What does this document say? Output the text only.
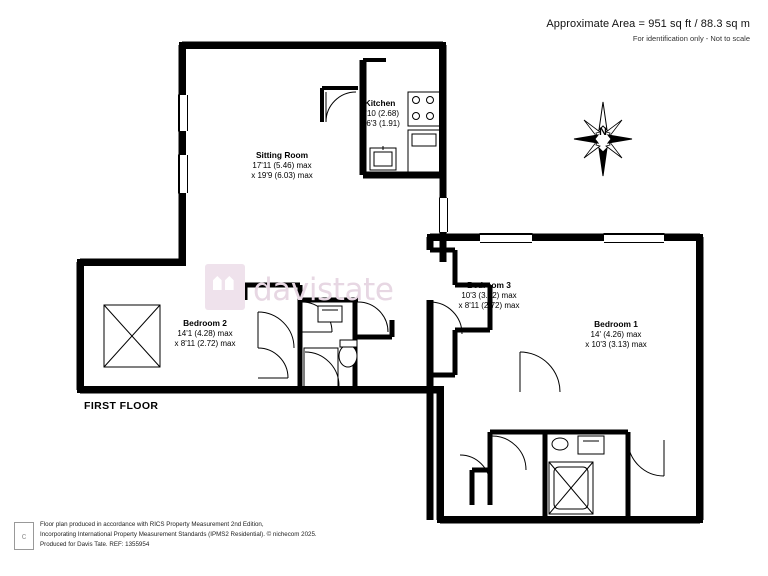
Approximate Area = 951 sq ft / 88.3 sq m
For identification only - Not to scale
N
davistate
Kitchen
8'10 (2.68)
x 6'3 (1.91)
Sitting Room
17'11 (5.46) max
x 19'9 (6.03) max
Bedroom 2
14'1 (4.28) max
x 8'11 (2.72) max
Bedroom 3
10'3 (3.12) max
x 8'11 (2.72) max
Bedroom 1
14' (4.26) max
x 10'3 (3.13) max
FIRST FLOOR
c
Floor plan produced in accordance with RICS Property Measurement 2nd Edition,
Incorporating International Property Measurement Standards (IPMS2 Residential). © nichecom 2025.
Produced for Davis Tate. REF: 1355954
